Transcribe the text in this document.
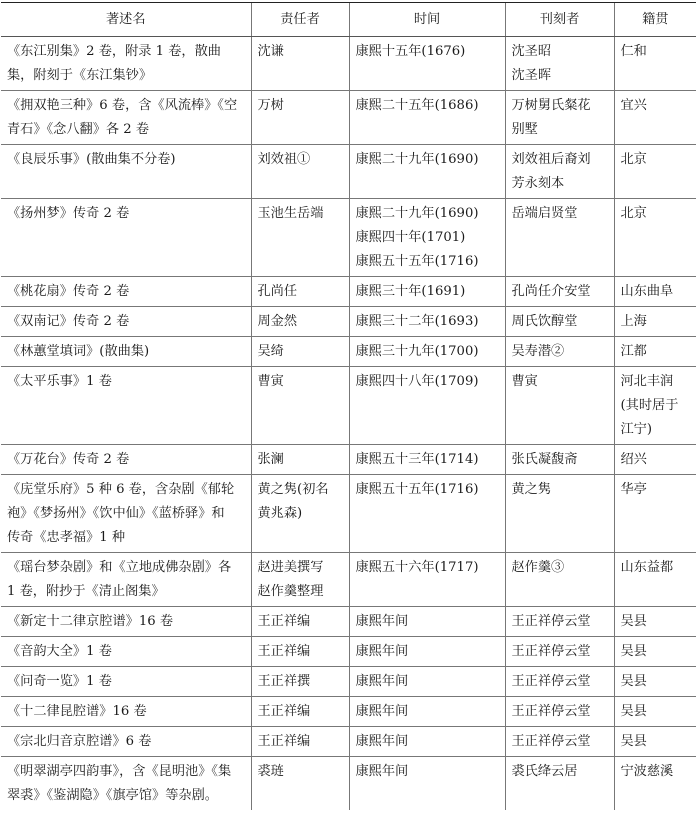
著述名	责任者	时间	刊刻者	籍贯

《东江别集》2 卷，附录 1 卷，散曲
集，附刻于《东江集钞》	沈谦	康熙十五年(1676)	沈圣昭
沈圣晖	仁和

《拥双艳三种》6 卷，含《风流棒》《空
青石》《念八翻》各 2 卷	万树	康熙二十五年(1686)	万树舅氏粲花
别墅	宜兴

《良辰乐事》(散曲集不分卷)	刘效祖①	康熙二十九年(1690)	刘效祖后裔刘
芳永刻本	北京

《扬州梦》传奇 2 卷	玉池生岳端	康熙二十九年(1690)
康熙四十年(1701)
康熙五十五年(1716)	岳端启贤堂	北京

《桃花扇》传奇 2 卷	孔尚任	康熙三十年(1691)	孔尚任介安堂	山东曲阜

《双南记》传奇 2 卷	周金然	康熙三十二年(1693)	周氏饮醇堂	上海

《林蕙堂填词》(散曲集)	吴绮	康熙三十九年(1700)	吴寿潜②	江都

《太平乐事》1 卷	曹寅	康熙四十八年(1709)	曹寅	河北丰润
(其时居于
江宁)

《万花台》传奇 2 卷	张澜	康熙五十三年(1714)	张氏凝馥斋	绍兴

《庑堂乐府》5 种 6 卷，含杂剧《郁轮
袍》《梦扬州》《饮中仙》《蓝桥驿》和
传奇《忠孝福》1 种	黄之隽(初名
黄兆森)	康熙五十五年(1716)	黄之隽	华亭

《瑶台梦杂剧》和《立地成佛杂剧》各
1 卷，附抄于《清止阁集》	赵进美撰写
赵作羹整理	康熙五十六年(1717)	赵作羹③	山东益都

《新定十二律京腔谱》16 卷	王正祥编	康熙年间	王正祥停云堂	吴县

《音韵大全》1 卷	王正祥编	康熙年间	王正祥停云堂	吴县

《问奇一览》1 卷	王正祥撰	康熙年间	王正祥停云堂	吴县

《十二律昆腔谱》16 卷	王正祥编	康熙年间	王正祥停云堂	吴县

《宗北归音京腔谱》6 卷	王正祥编	康熙年间	王正祥停云堂	吴县

《明翠湖亭四韵事》，含《昆明池》《集
翠裘》《鉴湖隐》《旗亭馆》等杂剧。	裘琏	康熙年间	裘氏绛云居	宁波慈溪
